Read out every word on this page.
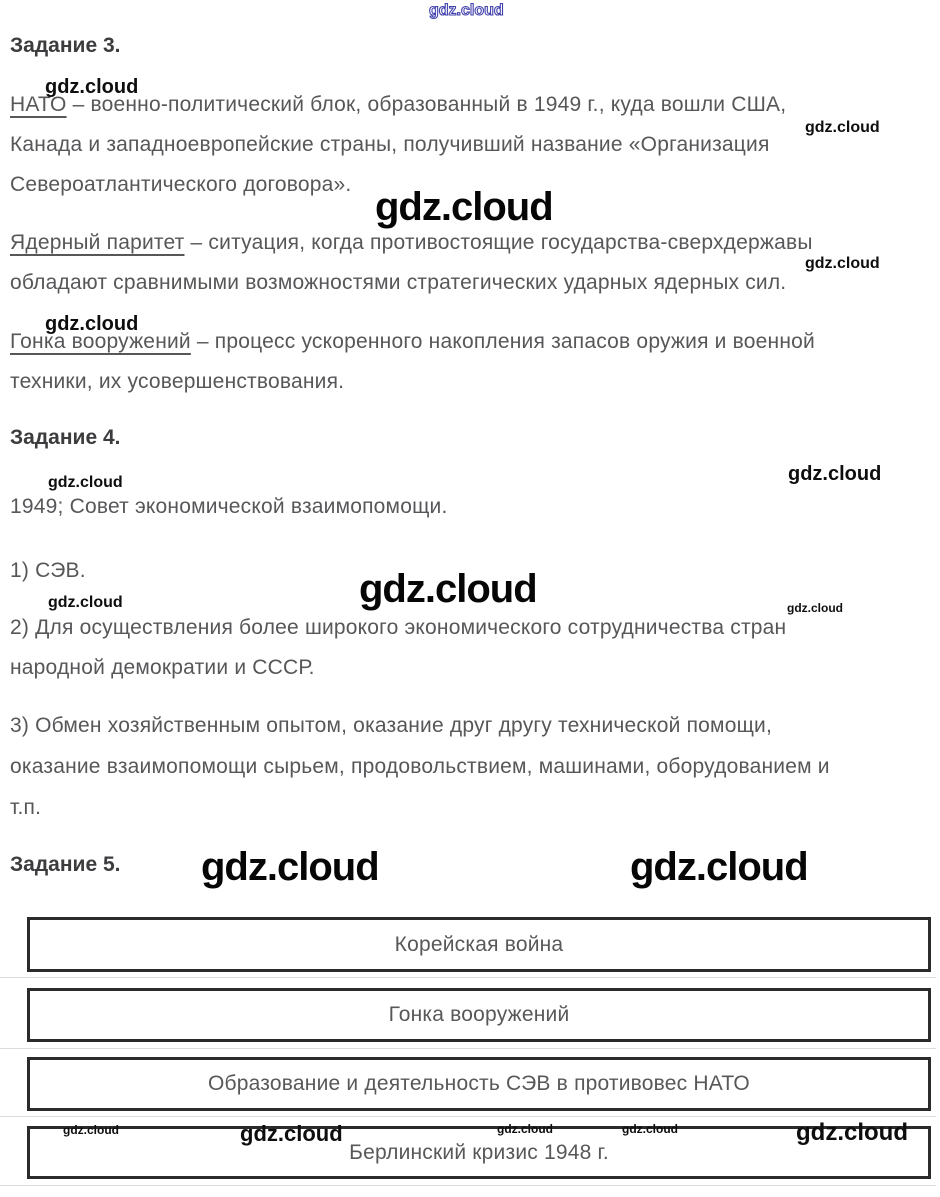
gdz.cloud
gdz.cloud
gdz.cloud
gdz.cloud
gdz.cloud
gdz.cloud
gdz.cloud
gdz.cloud
gdz.cloud
gdz.cloud	gdz.cloud
gdz.cloud	gdz.cloud
gdz.cloud	gdz.cloud	gdz.cloud	gdz.cloud	gdz.cloud
Задание 3.
НАТО – военно-политический блок, образованный в 1949 г., куда вошли США,
Канада и западноевропейские страны, получивший название «Организация
Североатлантического договора».
Ядерный паритет – ситуация, когда противостоящие государства-сверхдержавы
обладают сравнимыми возможностями стратегических ударных ядерных сил.
Гонка вооружений – процесс ускоренного накопления запасов оружия и военной
техники, их усовершенствования.
Задание 4.
1949; Совет экономической взаимопомощи.
1) СЭВ.
2) Для осуществления более широкого экономического сотрудничества стран
народной демократии и СССР.
3) Обмен хозяйственным опытом, оказание друг другу технической помощи,
оказание взаимопомощи сырьем, продовольствием, машинами, оборудованием и
т.п.
Задание 5.
Корейская война
Гонка вооружений
Образование и деятельность СЭВ в противовес НАТО
Берлинский кризис 1948 г.
